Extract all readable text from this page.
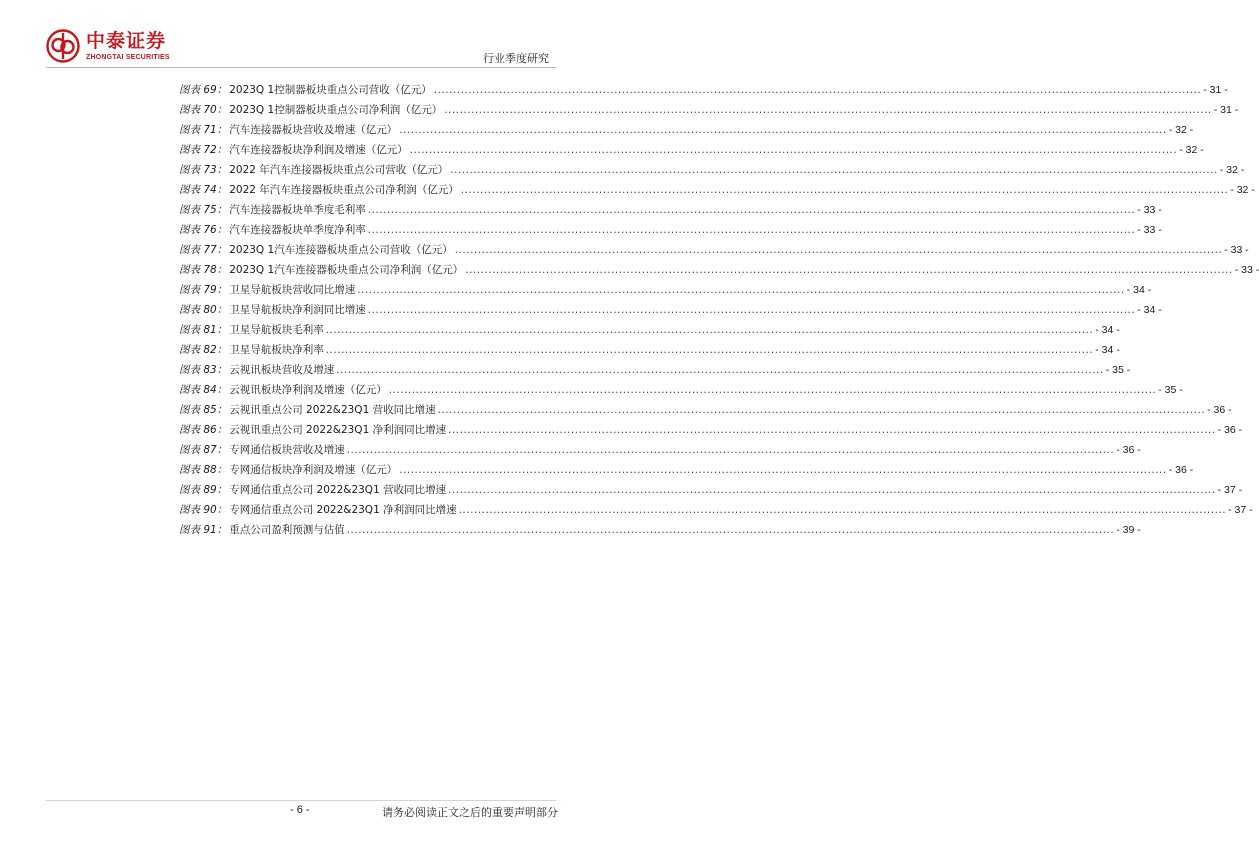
中泰证券
ZHONGTAI SECURITIES	行业季度研究
图表 69： 2023Q 1控制器板块重点公司营收（亿元） ........................................................................................................................................................................................................ - 31 -
图表 70： 2023Q 1控制器板块重点公司净利润（亿元） ........................................................................................................................................................................................................ - 31 -
图表 71： 汽车连接器板块营收及增速（亿元） ........................................................................................................................................................................................................ - 32 -
图表 72： 汽车连接器板块净利润及增速（亿元） ........................................................................................................................................................................................................ - 32 -
图表 73： 2022 年汽车连接器板块重点公司营收（亿元） ........................................................................................................................................................................................................ - 32 -
图表 74： 2022 年汽车连接器板块重点公司净利润（亿元） ........................................................................................................................................................................................................ - 32 -
图表 75： 汽车连接器板块单季度毛利率 ........................................................................................................................................................................................................ - 33 -
图表 76： 汽车连接器板块单季度净利率 ........................................................................................................................................................................................................ - 33 -
图表 77： 2023Q 1汽车连接器板块重点公司营收（亿元） ........................................................................................................................................................................................................ - 33 -
图表 78： 2023Q 1汽车连接器板块重点公司净利润（亿元） ........................................................................................................................................................................................................ - 33 -
图表 79： 卫星导航板块营收同比增速 ........................................................................................................................................................................................................ - 34 -
图表 80： 卫星导航板块净利润同比增速 ........................................................................................................................................................................................................ - 34 -
图表 81： 卫星导航板块毛利率 ........................................................................................................................................................................................................ - 34 -
图表 82： 卫星导航板块净利率 ........................................................................................................................................................................................................ - 34 -
图表 83： 云视讯板块营收及增速 ........................................................................................................................................................................................................ - 35 -
图表 84： 云视讯板块净利润及增速（亿元） ........................................................................................................................................................................................................ - 35 -
图表 85： 云视讯重点公司 2022&23Q1 营收同比增速 ........................................................................................................................................................................................................ - 36 -
图表 86： 云视讯重点公司 2022&23Q1 净利润同比增速 ........................................................................................................................................................................................................ - 36 -
图表 87： 专网通信板块营收及增速 ........................................................................................................................................................................................................ - 36 -
图表 88： 专网通信板块净利润及增速（亿元） ........................................................................................................................................................................................................ - 36 -
图表 89： 专网通信重点公司 2022&23Q1 营收同比增速 ........................................................................................................................................................................................................ - 37 -
图表 90： 专网通信重点公司 2022&23Q1 净利润同比增速 ........................................................................................................................................................................................................ - 37 -
图表 91： 重点公司盈利预测与估值 ........................................................................................................................................................................................................ - 39 -
- 6 -	请务必阅读正文之后的重要声明部分
